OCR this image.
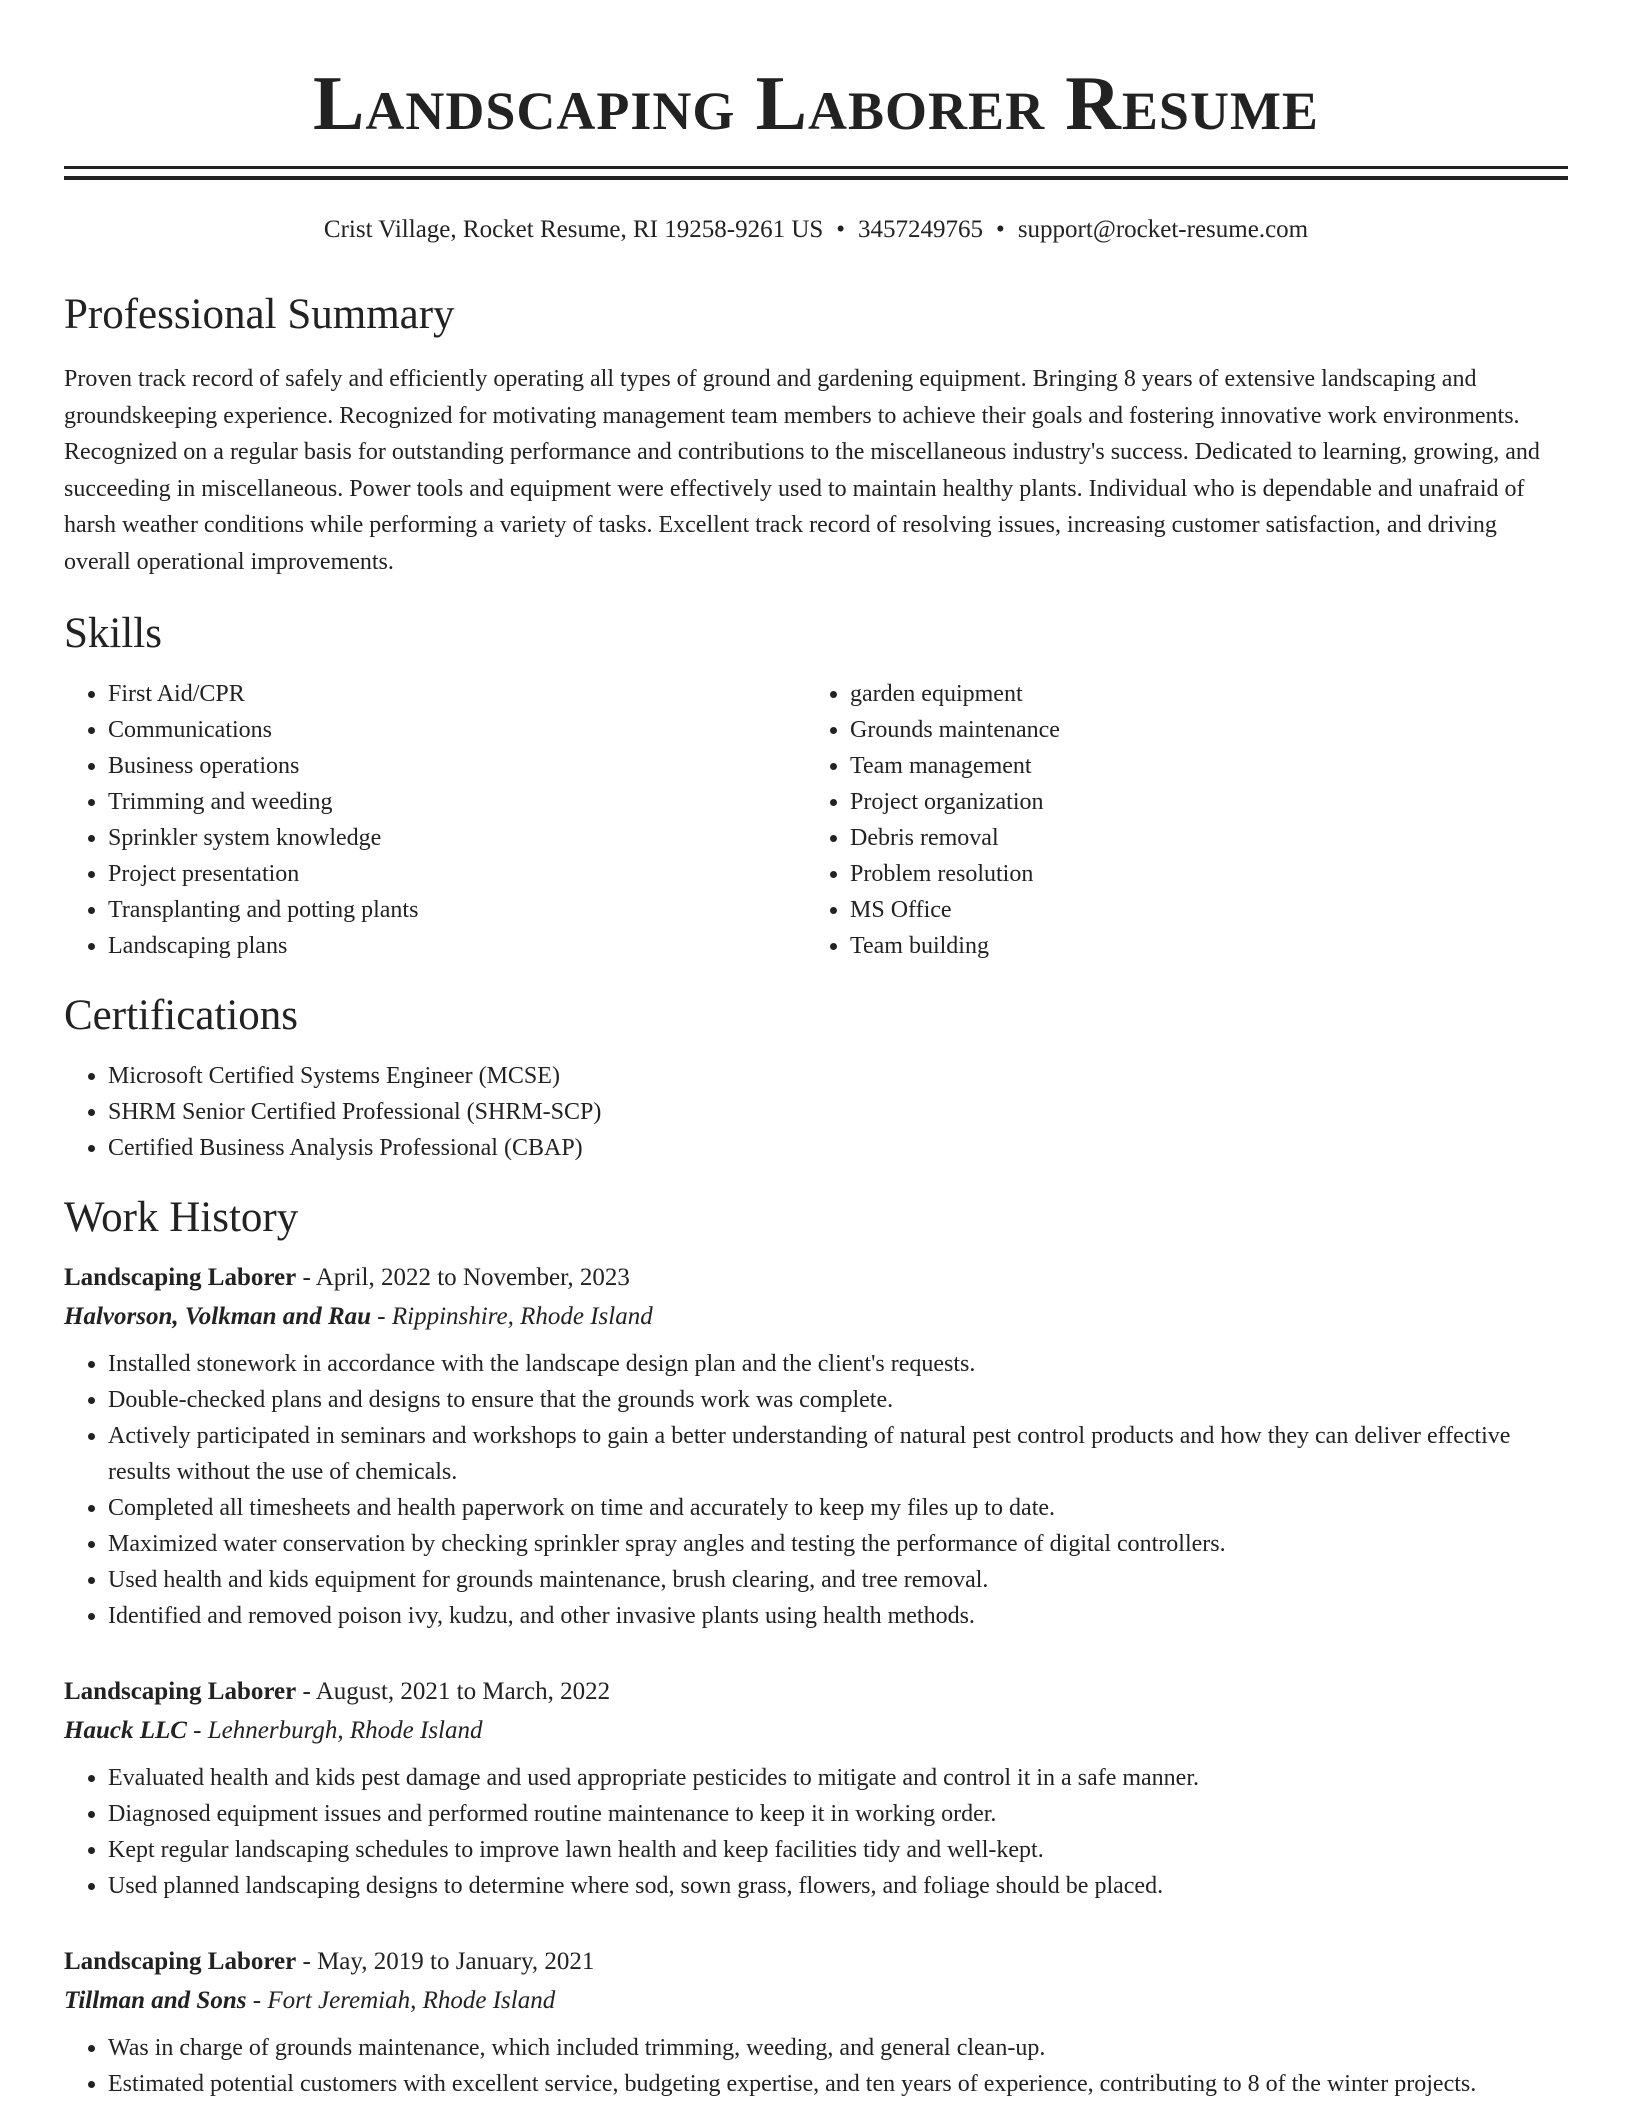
Landscaping Laborer Resume
Crist Village, Rocket Resume, RI 19258-9261 US • 3457249765 • support@rocket-resume.com
Professional Summary

Proven track record of safely and efficiently operating all types of ground and gardening equipment. Bringing 8 years of extensive landscaping and groundskeeping experience. Recognized for motivating management team members to achieve their goals and fostering innovative work environments. Recognized on a regular basis for outstanding performance and contributions to the miscellaneous industry's success. Dedicated to learning, growing, and succeeding in miscellaneous. Power tools and equipment were effectively used to maintain healthy plants. Individual who is dependable and unafraid of harsh weather conditions while performing a variety of tasks. Excellent track record of resolving issues, increasing customer satisfaction, and driving overall operational improvements.

Skills
• First Aid/CPR
• Communications
• Business operations
• Trimming and weeding
• Sprinkler system knowledge
• Project presentation
• Transplanting and potting plants
• Landscaping plans
• garden equipment
• Grounds maintenance
• Team management
• Project organization
• Debris removal
• Problem resolution
• MS Office
• Team building
Certifications
• Microsoft Certified Systems Engineer (MCSE)
• SHRM Senior Certified Professional (SHRM-SCP)
• Certified Business Analysis Professional (CBAP)
Work History
Landscaping Laborer - April, 2022 to November, 2023
Halvorson, Volkman and Rau - Rippinshire, Rhode Island
• Installed stonework in accordance with the landscape design plan and the client's requests.
• Double-checked plans and designs to ensure that the grounds work was complete.
• Actively participated in seminars and workshops to gain a better understanding of natural pest control products and how they can deliver effective results without the use of chemicals.
• Completed all timesheets and health paperwork on time and accurately to keep my files up to date.
• Maximized water conservation by checking sprinkler spray angles and testing the performance of digital controllers.
• Used health and kids equipment for grounds maintenance, brush clearing, and tree removal.
• Identified and removed poison ivy, kudzu, and other invasive plants using health methods.
Landscaping Laborer - August, 2021 to March, 2022
Hauck LLC - Lehnerburgh, Rhode Island
• Evaluated health and kids pest damage and used appropriate pesticides to mitigate and control it in a safe manner.
• Diagnosed equipment issues and performed routine maintenance to keep it in working order.
• Kept regular landscaping schedules to improve lawn health and keep facilities tidy and well-kept.
• Used planned landscaping designs to determine where sod, sown grass, flowers, and foliage should be placed.
Landscaping Laborer - May, 2019 to January, 2021
Tillman and Sons - Fort Jeremiah, Rhode Island
• Was in charge of grounds maintenance, which included trimming, weeding, and general clean-up.
• Estimated potential customers with excellent service, budgeting expertise, and ten years of experience, contributing to 8 of the winter projects.
